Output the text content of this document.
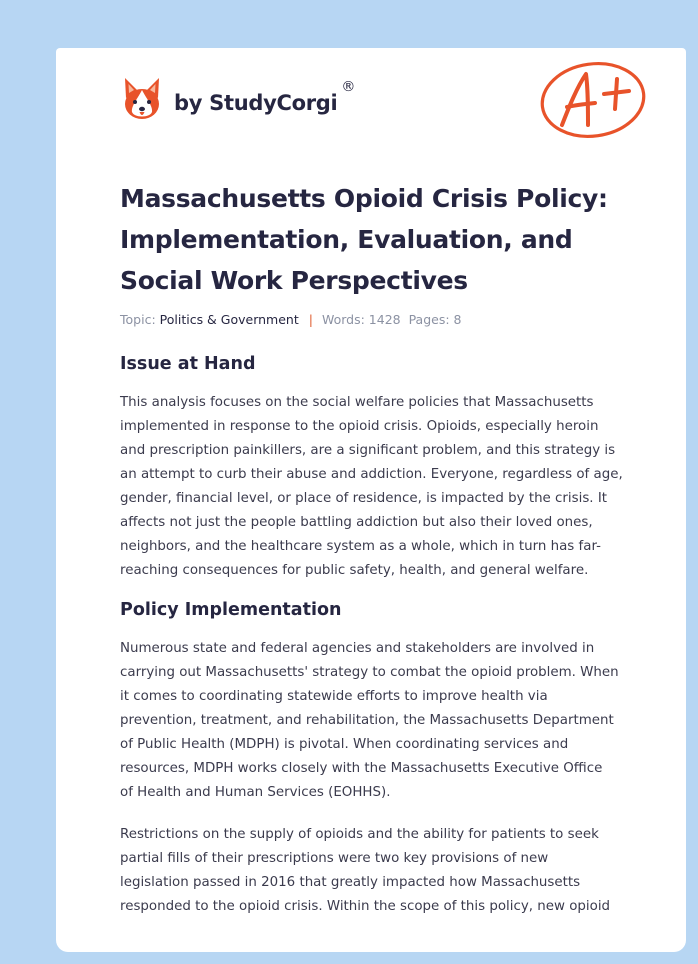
by StudyCorgi
®
Massachusetts Opioid Crisis Policy:
Implementation, Evaluation, and
Social Work Perspectives
Topic: Politics & Government | Words: 1428 Pages: 8
Issue at Hand
This analysis focuses on the social welfare policies that Massachusetts
implemented in response to the opioid crisis. Opioids, especially heroin
and prescription painkillers, are a significant problem, and this strategy is
an attempt to curb their abuse and addiction. Everyone, regardless of age,
gender, financial level, or place of residence, is impacted by the crisis. It
affects not just the people battling addiction but also their loved ones,
neighbors, and the healthcare system as a whole, which in turn has far-
reaching consequences for public safety, health, and general welfare.
Policy Implementation
Numerous state and federal agencies and stakeholders are involved in
carrying out Massachusetts' strategy to combat the opioid problem. When
it comes to coordinating statewide efforts to improve health via
prevention, treatment, and rehabilitation, the Massachusetts Department
of Public Health (MDPH) is pivotal. When coordinating services and
resources, MDPH works closely with the Massachusetts Executive Office
of Health and Human Services (EOHHS).
Restrictions on the supply of opioids and the ability for patients to seek
partial fills of their prescriptions were two key provisions of new
legislation passed in 2016 that greatly impacted how Massachusetts
responded to the opioid crisis. Within the scope of this policy, new opioid
